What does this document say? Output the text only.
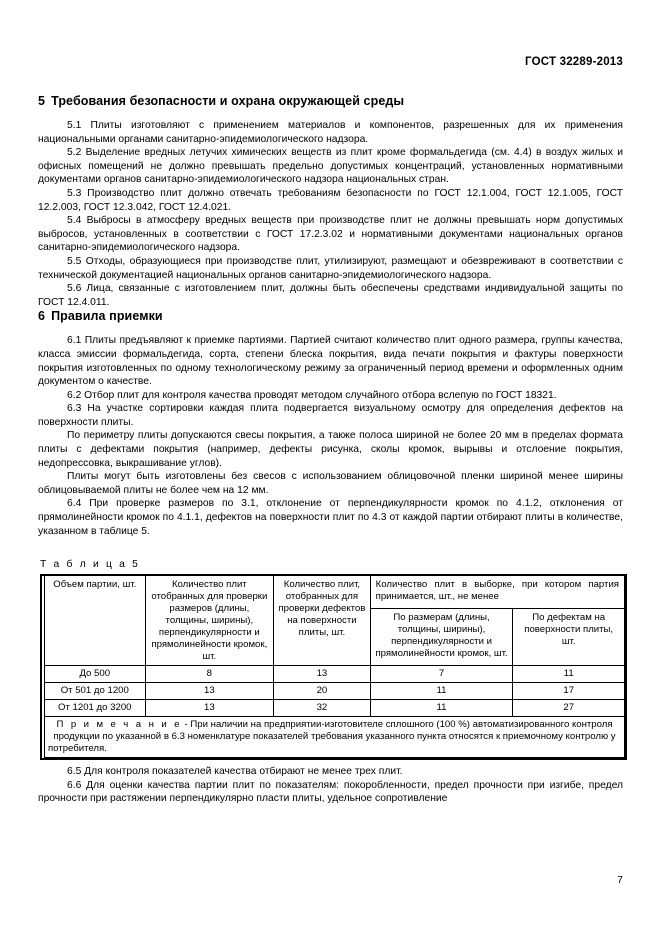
ГОСТ 32289-2013
5 Требования безопасности и охрана окружающей среды

5.1 Плиты изготовляют с применением материалов и компонентов, разрешенных для их применения национальными органами санитарно-эпидемиологического надзора.

5.2 Выделение вредных летучих химических веществ из плит кроме формальдегида (см. 4.4) в воздух жилых и офисных помещений не должно превышать предельно допустимых концентраций, установленных нормативными документами органов санитарно-эпидемиологического надзора национальных стран.

5.3 Производство плит должно отвечать требованиям безопасности по ГОСТ 12.1.004, ГОСТ 12.1.005, ГОСТ 12.2.003, ГОСТ 12.3.042, ГОСТ 12.4.021.

5.4 Выбросы в атмосферу вредных веществ при производстве плит не должны превышать норм допустимых выбросов, установленных в соответствии с ГОСТ 17.2.3.02 и нормативными документами национальных органов санитарно-эпидемиологического надзора.

5.5 Отходы, образующиеся при производстве плит, утилизируют, размещают и обезвреживают в соответствии с технической документацией национальных органов санитарно-эпидемиологического надзора.

5.6 Лица, связанные с изготовлением плит, должны быть обеспечены средствами индивидуальной защиты по ГОСТ 12.4.011.

6 Правила приемки

6.1 Плиты предъявляют к приемке партиями. Партией считают количество плит одного размера, группы качества, класса эмиссии формальдегида, сорта, степени блеска покрытия, вида печати покрытия и фактуры поверхности покрытия изготовленных по одному технологическому режиму за ограниченный период времени и оформленных одним документом о качестве.

6.2 Отбор плит для контроля качества проводят методом случайного отбора вслепую по ГОСТ 18321.

6.3 На участке сортировки каждая плита подвергается визуальному осмотру для определения дефектов на поверхности плиты.

По периметру плиты допускаются свесы покрытия, а также полоса шириной не более 20 мм в пределах формата плиты с дефектами покрытия (например, дефекты рисунка, сколы кромок, вырывы и отслоение покрытия, недопрессовка, выкрашивание углов).

Плиты могут быть изготовлены без свесов с использованием облицовочной пленки шириной менее ширины облицовываемой плиты не более чем на 12 мм.

6.4 При проверке размеров по 3.1, отклонение от перпендикулярности кромок по 4.1.2, отклонения от прямолинейности кромок по 4.1.1, дефектов на поверхности плит по 4.3 от каждой партии отбирают плиты в количестве, указанном в таблице 5.

Т а б л и ц а 5
Объем партии, шт.	Количество плит отобранных для проверки размеров (длины, толщины, ширины), перпендикулярности и прямолинейности кромок, шт.	Количество плит, отобранных для проверки дефектов на поверхности плиты, шт.	Количество плит в выборке, при котором партия принимается, шт., не менее	
			По размерам (длины, толщины, ширины), перпендикулярности и прямолинейности кромок, шт.	По дефектам на поверхности плиты, шт.
До 500	8	13	7	11
От 501 до 1200	13	20	11	17
От 1201 до 3200	13	32	11	27
П р и м е ч а н и е - При наличии на предприятии-изготовителе сплошного (100 %) автоматизированного контроля продукции по указанной в 6.3 номенклатуре показателей требования указанного пункта относятся к приемочному контролю у потребителя.				

6.5 Для контроля показателей качества отбирают не менее трех плит.

6.6 Для оценки качества партии плит по показателям: покоробленности, предел прочности при изгибе, предел прочности при растяжении перпендикулярно пласти плиты, удельное сопротивление

7
